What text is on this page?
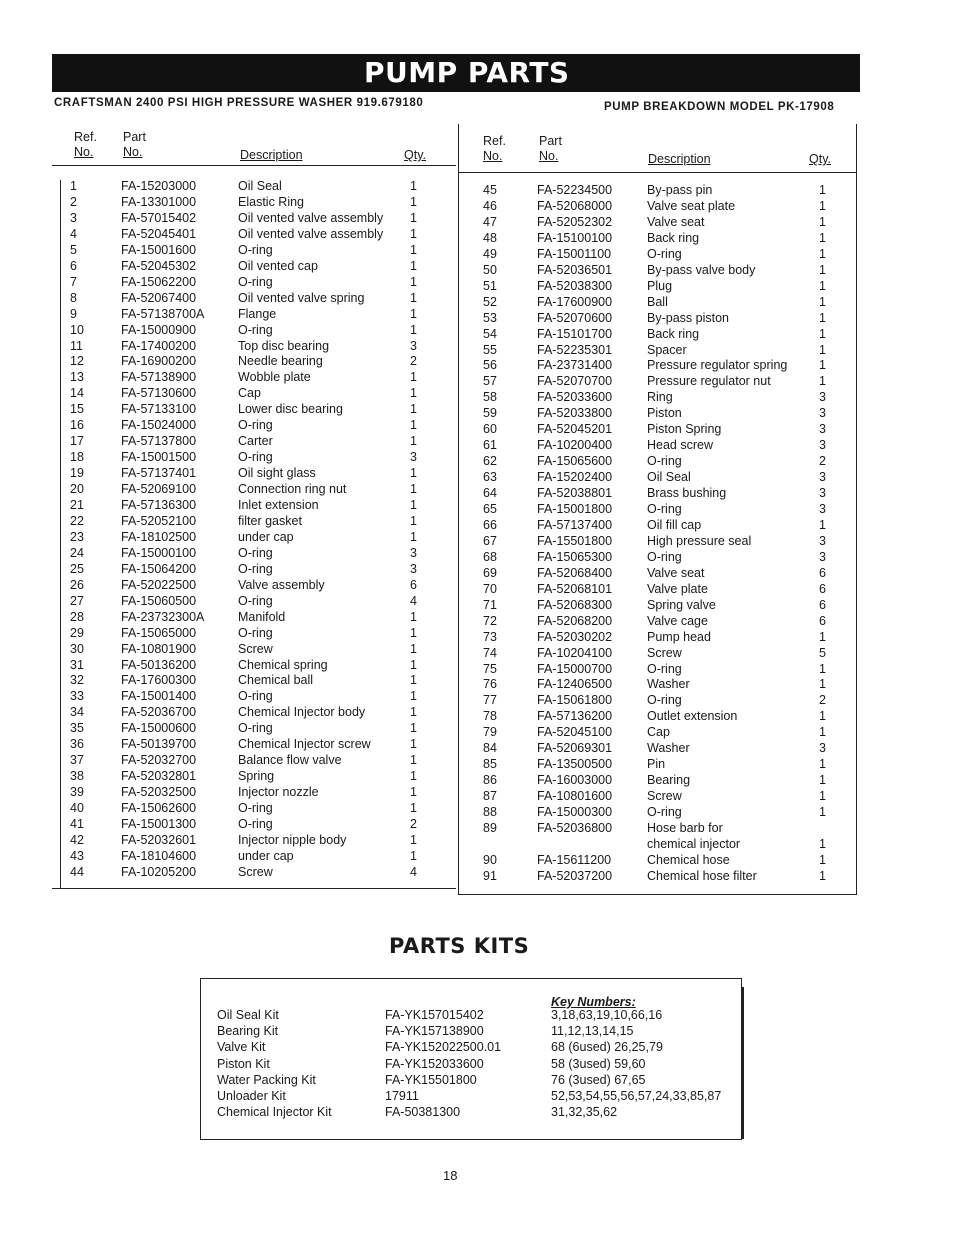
PUMP PARTS

CRAFTSMAN 2400 PSI HIGH PRESSURE WASHER 919.679180	PUMP BREAKDOWN MODEL PK-17908

Ref.
No.
Part
No.	Description	Qty.
1	FA-15203000	Oil Seal	1
2	FA-13301000	Elastic Ring	1
3	FA-57015402	Oil vented valve assembly 1
4	FA-52045401	Oil vented valve assembly 1
5	FA-15001600	O-ring	1
6	FA-52045302	Oil vented cap	1
7	FA-15062200	O-ring	1
8	FA-52067400	Oil vented valve spring	1
9	FA-57138700A	Flange	1
10	FA-15000900	O-ring	1
11	FA-17400200	Top disc bearing	3
12	FA-16900200	Needle bearing	2
13	FA-57138900	Wobble plate	1
14	FA-57130600	Cap	1
15	FA-57133100	Lower disc bearing	1
16	FA-15024000	O-ring	1
17	FA-57137800	Carter	1
18	FA-15001500	O-ring	3
19	FA-57137401	Oil sight glass	1
20	FA-52069100	Connection ring nut	1
21	FA-57136300	Inlet extension	1
22	FA-52052100	filter gasket	1
23	FA-18102500	under cap	1
24	FA-15000100	O-ring	3
25	FA-15064200	O-ring	3
26	FA-52022500	Valve assembly	6
27	FA-15060500	O-ring	4
28	FA-23732300A	Manifold	1
29	FA-15065000	O-ring	1
30	FA-10801900	Screw	1
31	FA-50136200	Chemical spring	1
32	FA-17600300	Chemical ball	1
33	FA-15001400	O-ring	1
34	FA-52036700	Chemical Injector body	1
35	FA-15000600	O-ring	1
36	FA-50139700	Chemical Injector screw	1
37	FA-52032700	Balance flow valve	1
38	FA-52032801	Spring	1
39	FA-52032500	Injector nozzle	1
40	FA-15062600	O-ring	1
41	FA-15001300	O-ring	2
42	FA-52032601	Injector nipple body	1
43	FA-18104600	under cap	1
44	FA-10205200	Screw	4
Ref.
No.
Part
No.	Description	Qty.
45	FA-52234500	By-pass pin	1
46	FA-52068000	Valve seat plate	1
47	FA-52052302	Valve seat	1
48	FA-15100100	Back ring	1
49	FA-15001100	O-ring	1
50	FA-52036501	By-pass valve body	1
51	FA-52038300	Plug	1
52	FA-17600900	Ball	1
53	FA-52070600	By-pass piston	1
54	FA-15101700	Back ring	1
55	FA-52235301	Spacer	1
56	FA-23731400	Pressure regulator spring	1
57	FA-52070700	Pressure regulator nut	1
58	FA-52033600	Ring	3
59	FA-52033800	Piston	3
60	FA-52045201	Piston Spring	3
61	FA-10200400	Head screw	3
62	FA-15065600	O-ring	2
63	FA-15202400	Oil Seal	3
64	FA-52038801	Brass bushing	3
65	FA-15001800	O-ring	3
66	FA-57137400	Oil fill cap	1
67	FA-15501800	High pressure seal	3
68	FA-15065300	O-ring	3
69	FA-52068400	Valve seat	6
70	FA-52068101	Valve plate	6
71	FA-52068300	Spring valve	6
72	FA-52068200	Valve cage	6
73	FA-52030202	Pump head	1
74	FA-10204100	Screw	5
75	FA-15000700	O-ring	1
76	FA-12406500	Washer	1
77	FA-15061800	O-ring	2
78	FA-57136200	Outlet extension	1
79	FA-52045100	Cap	1
84	FA-52069301	Washer	3
85	FA-13500500	Pin	1
86	FA-16003000	Bearing	1
87	FA-10801600	Screw	1
88	FA-15000300	O-ring	1
89	FA-52036800	Hose barb for
chemical injector	1
90	FA-15611200	Chemical hose	1
91	FA-52037200	Chemical hose filter	1
PARTS KITS
Key Numbers:
Oil Seal Kit	FA-YK157015402	3,18,63,19,10,66,16
Bearing Kit	FA-YK157138900	11,12,13,14,15
Valve Kit	FA-YK152022500.01	68 (6used) 26,25,79
Piston Kit	FA-YK152033600	58 (3used) 59,60
Water Packing Kit	FA-YK15501800	76 (3used) 67,65
Unloader Kit	17911	52,53,54,55,56,57,24,33,85,87
Chemical Injector Kit	FA-50381300	31,32,35,62

18
